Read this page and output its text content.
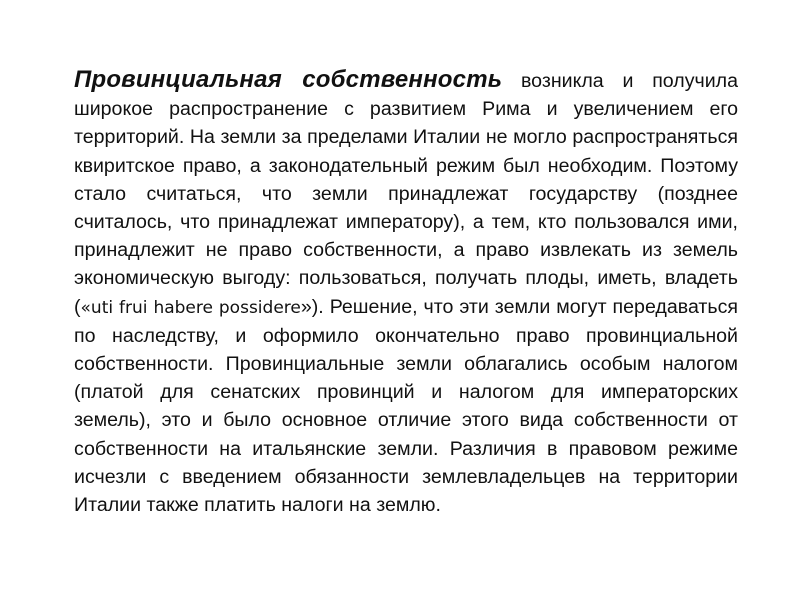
Провинциальная собственность возникла и получила широкое распространение с развитием Рима и увеличением его территорий. На земли за пределами Италии не могло распространяться квиритское право, а законодательный режим был необходим. Поэтому стало считаться, что земли принадлежат государству (позднее считалось, что принадлежат императору), а тем, кто пользовался ими, принадлежит не право собственности, а право извлекать из земель экономическую выгоду: пользоваться, получать плоды, иметь, владеть («uti frui habere possidere»). Решение, что эти земли могут передаваться по наследству, и оформило окончательно право провинциальной собственности. Провинциальные земли облагались особым налогом (платой для сенатских провинций и налогом для императорских земель), это и было основное отличие этого вида собственности от собственности на итальянские земли. Различия в правовом режиме исчезли с введением обязанности землевладельцев на территории Италии также платить налоги на землю.
